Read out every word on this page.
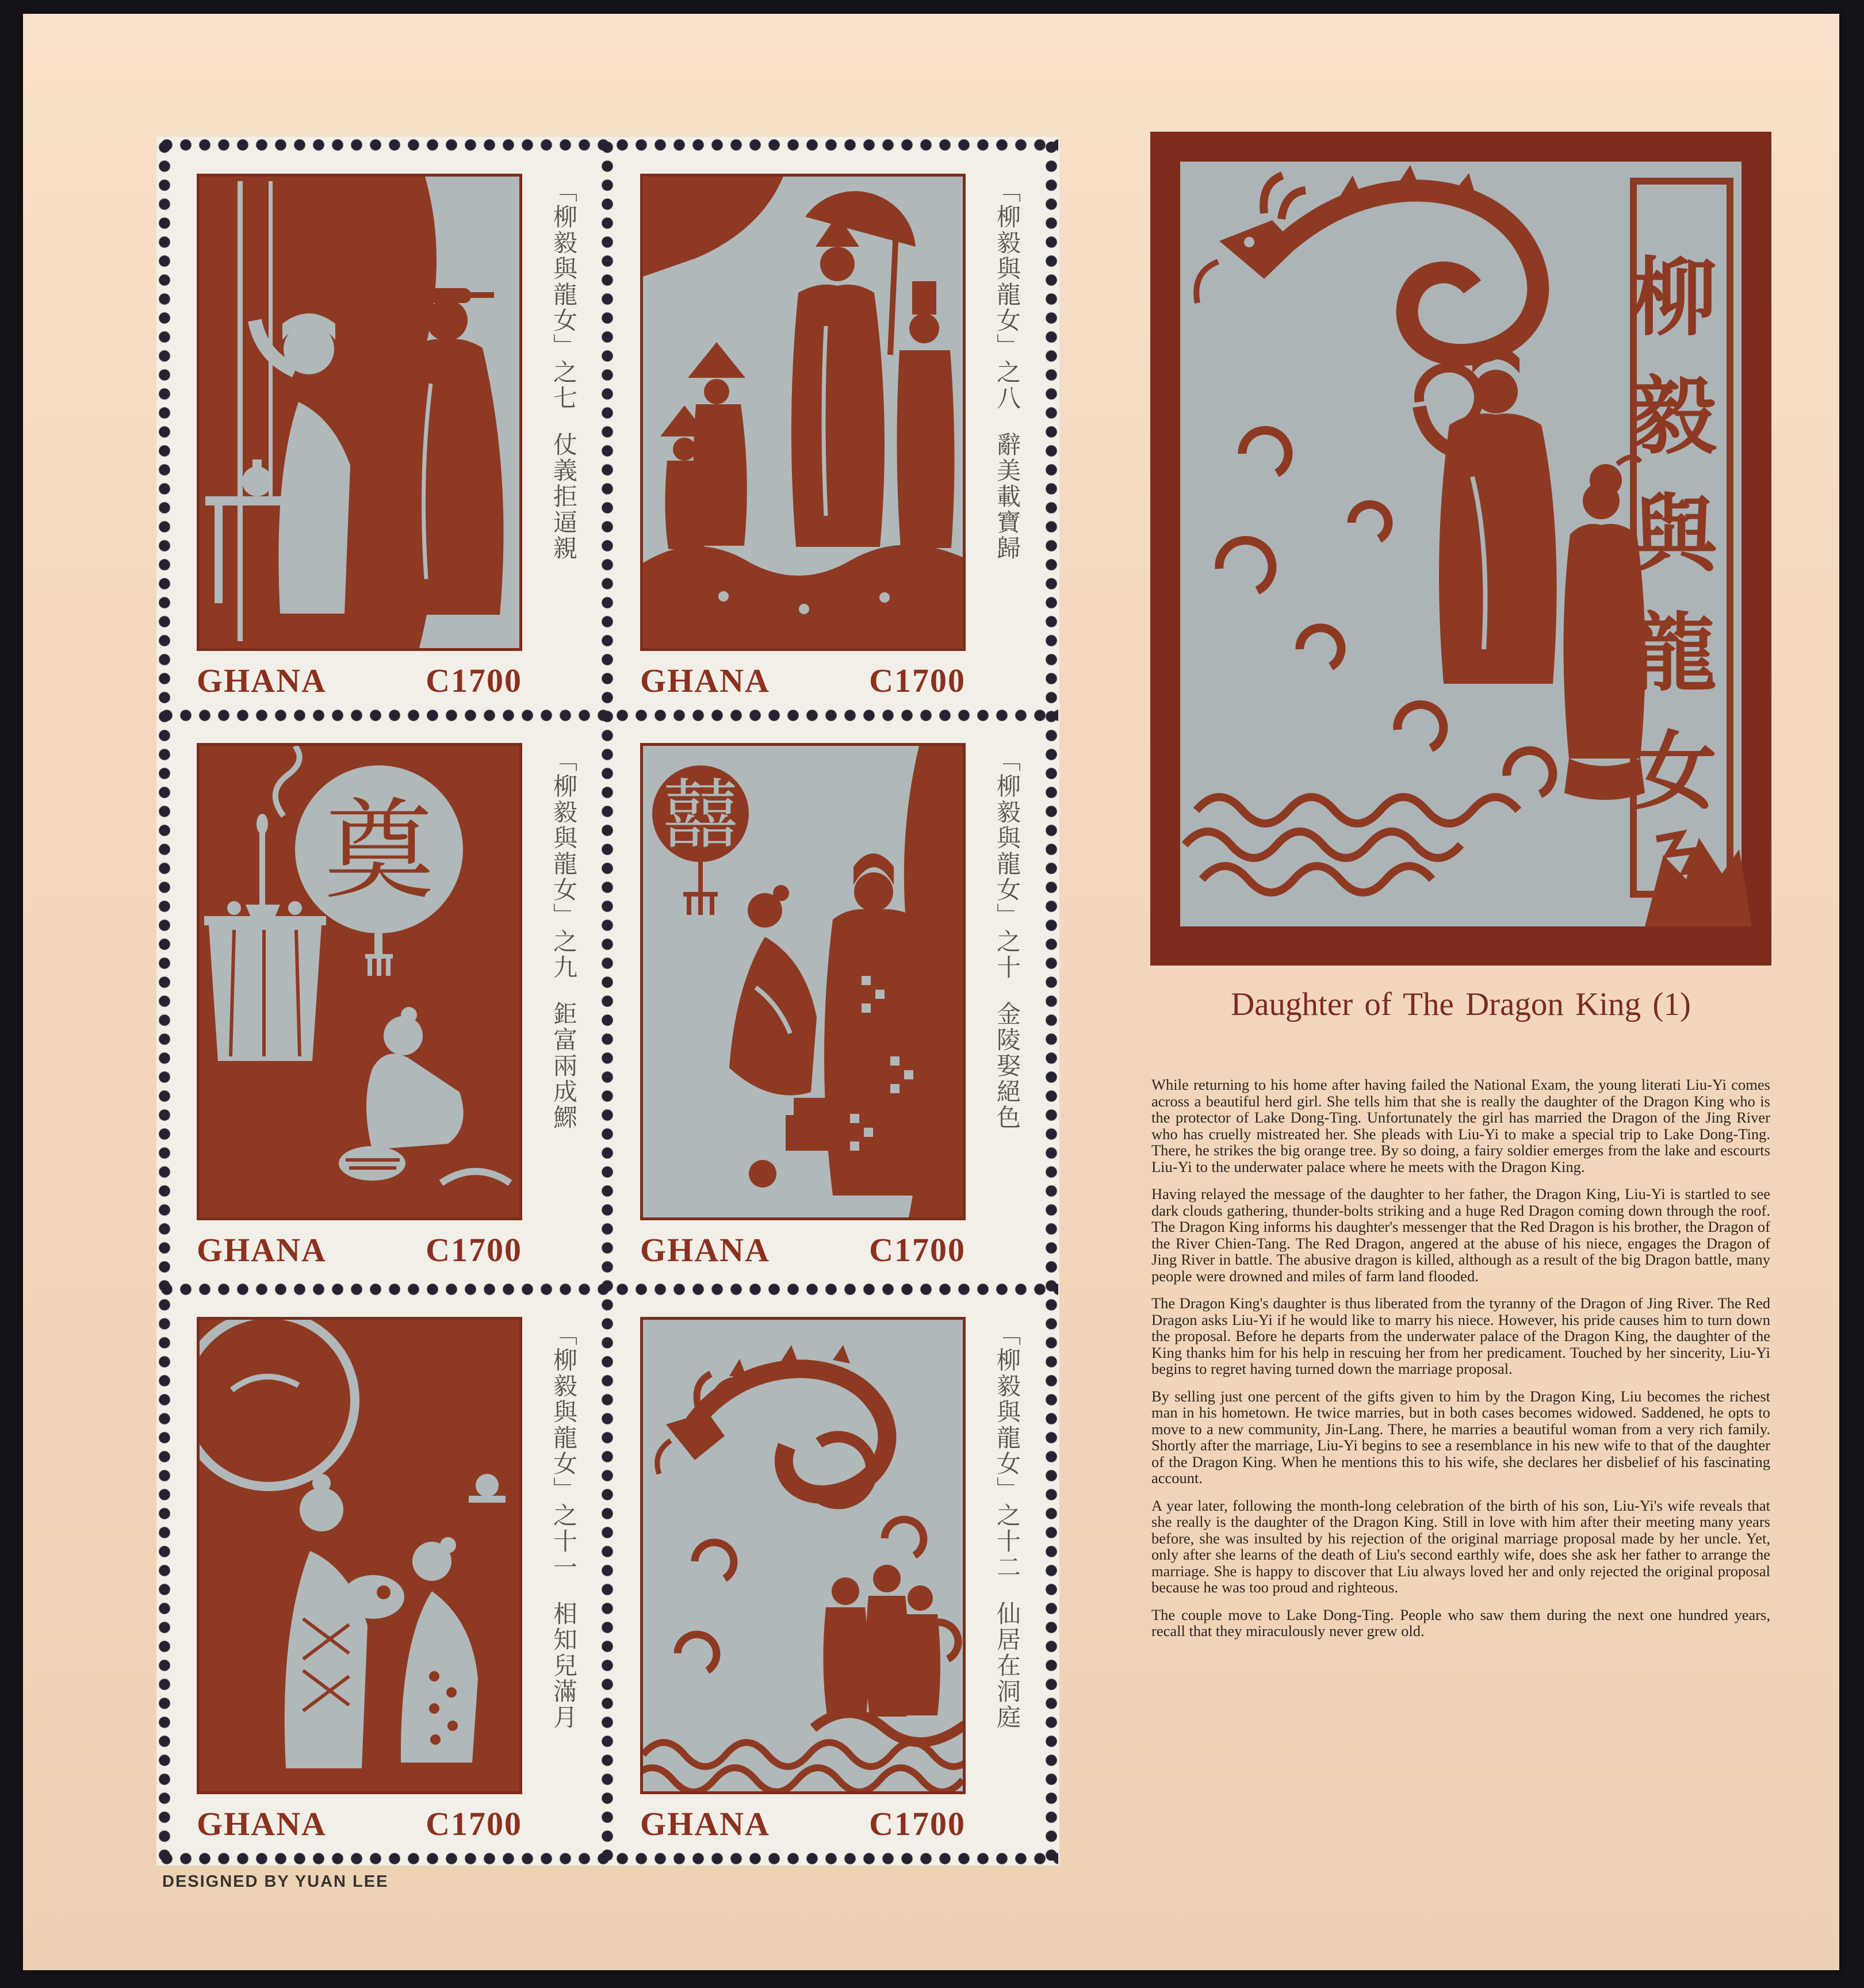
「柳毅與龍女」之七仗義拒逼親
GHANA	C1700
「柳毅與龍女」之八辭美載寶歸
GHANA	C1700
奠	「柳毅與龍女」之九鉅富兩成鰥
GHANA	C1700
囍	「柳毅與龍女」之十金陵娶絕色
GHANA	C1700
「柳毅與龍女」之十一相知兒滿月
GHANA	C1700
「柳毅與龍女」之十二仙居在洞庭
GHANA	C1700
柳毅與龍女
Daughter of The Dragon King (1)

While returning to his home after having failed the National Exam, the young literati Liu-Yi comes across a beautiful herd girl. She tells him that she is really the daughter of the Dragon King who is the protector of Lake Dong-Ting. Unfortunately the girl has married the Dragon of the Jing River who has cruelly mistreated her. She pleads with Liu-Yi to make a special trip to Lake Dong-Ting. There, he strikes the big orange tree. By so doing, a fairy soldier emerges from the lake and escourts Liu-Yi to the underwater palace where he meets with the Dragon King.

Having relayed the message of the daughter to her father, the Dragon King, Liu-Yi is startled to see dark clouds gathering, thunder-bolts striking and a huge Red Dragon coming down through the roof. The Dragon King informs his daughter's messenger that the Red Dragon is his brother, the Dragon of the River Chien-Tang. The Red Dragon, angered at the abuse of his niece, engages the Dragon of Jing River in battle. The abusive dragon is killed, although as a result of the big Dragon battle, many people were drowned and miles of farm land flooded.

The Dragon King's daughter is thus liberated from the tyranny of the Dragon of Jing River. The Red Dragon asks Liu-Yi if he would like to marry his niece. However, his pride causes him to turn down the proposal. Before he departs from the underwater palace of the Dragon King, the daughter of the King thanks him for his help in rescuing her from her predicament. Touched by her sincerity, Liu-Yi begins to regret having turned down the marriage proposal.

By selling just one percent of the gifts given to him by the Dragon King, Liu becomes the richest man in his hometown. He twice marries, but in both cases becomes widowed. Saddened, he opts to move to a new community, Jin-Lang. There, he marries a beautiful woman from a very rich family. Shortly after the marriage, Liu-Yi begins to see a resemblance in his new wife to that of the daughter of the Dragon King. When he mentions this to his wife, she declares her disbelief of his fascinating account.

A year later, following the month-long celebration of the birth of his son, Liu-Yi's wife reveals that she really is the daughter of the Dragon King. Still in love with him after their meeting many years before, she was insulted by his rejection of the original marriage proposal made by her uncle. Yet, only after she learns of the death of Liu's second earthly wife, does she ask her father to arrange the marriage. She is happy to discover that Liu always loved her and only rejected the original proposal because he was too proud and righteous.

The couple move to Lake Dong-Ting. People who saw them during the next one hundred years, recall that they miraculously never grew old.

DESIGNED BY YUAN LEE
